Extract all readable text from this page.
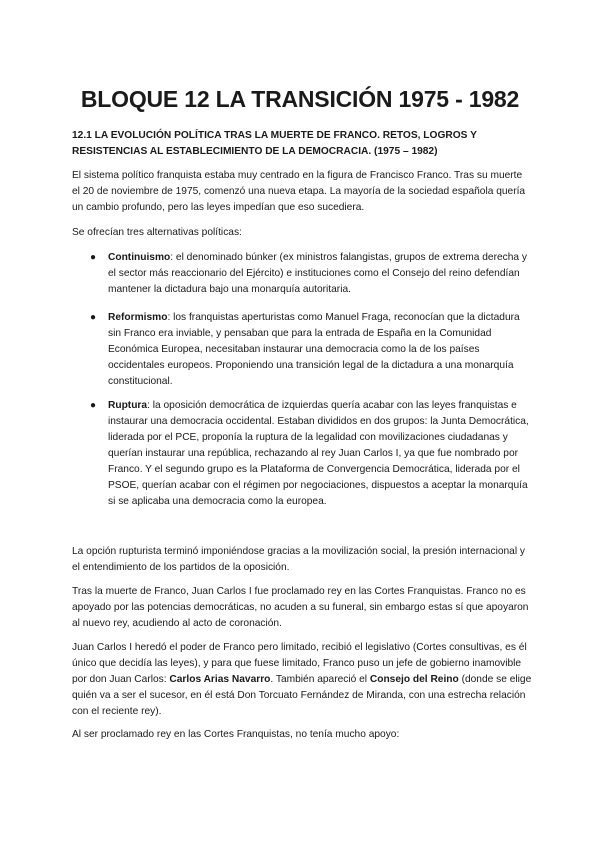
BLOQUE 12 LA TRANSICIÓN 1975 - 1982

12.1 LA EVOLUCIÓN POLÍTICA TRAS LA MUERTE DE FRANCO. RETOS, LOGROS Y RESISTENCIAS AL ESTABLECIMIENTO DE LA DEMOCRACIA. (1975 – 1982)

El sistema político franquista estaba muy centrado en la figura de Francisco Franco. Tras su muerte el 20 de noviembre de 1975, comenzó una nueva etapa. La mayoría de la sociedad española quería un cambio profundo, pero las leyes impedían que eso sucediera.

Se ofrecían tres alternativas políticas:

●	Continuismo: el denominado búnker (ex ministros falangistas, grupos de extrema derecha y el sector más reaccionario del Ejército) e instituciones como el Consejo del reino defendían mantener la dictadura bajo una monarquía autoritaria.
●	Reformismo: los franquistas aperturistas como Manuel Fraga, reconocían que la dictadura sin Franco era inviable, y pensaban que para la entrada de España en la Comunidad Económica Europea, necesitaban instaurar una democracia como la de los países occidentales europeos. Proponiendo una transición legal de la dictadura a una monarquía constitucional.
●	Ruptura: la oposición democrática de izquierdas quería acabar con las leyes franquistas e instaurar una democracia occidental. Estaban divididos en dos grupos: la Junta Democrática, liderada por el PCE, proponía la ruptura de la legalidad con movilizaciones ciudadanas y querían instaurar una república, rechazando al rey Juan Carlos I, ya que fue nombrado por Franco. Y el segundo grupo es la Plataforma de Convergencia Democrática, liderada por el PSOE, querían acabar con el régimen por negociaciones, dispuestos a aceptar la monarquía si se aplicaba una democracia como la europea.

La opción rupturista terminó imponiéndose gracias a la movilización social, la presión internacional y el entendimiento de los partidos de la oposición.

Tras la muerte de Franco, Juan Carlos I fue proclamado rey en las Cortes Franquistas. Franco no es apoyado por las potencias democráticas, no acuden a su funeral, sin embargo estas sí que apoyaron al nuevo rey, acudiendo al acto de coronación.

Juan Carlos I heredó el poder de Franco pero limitado, recibió el legislativo (Cortes consultivas, es él único que decidía las leyes), y para que fuese limitado, Franco puso un jefe de gobierno inamovible por don Juan Carlos: Carlos Arias Navarro. También apareció el Consejo del Reino (donde se elige quién va a ser el sucesor, en él está Don Torcuato Fernández de Miranda, con una estrecha relación con el reciente rey).

Al ser proclamado rey en las Cortes Franquistas, no tenía mucho apoyo:
